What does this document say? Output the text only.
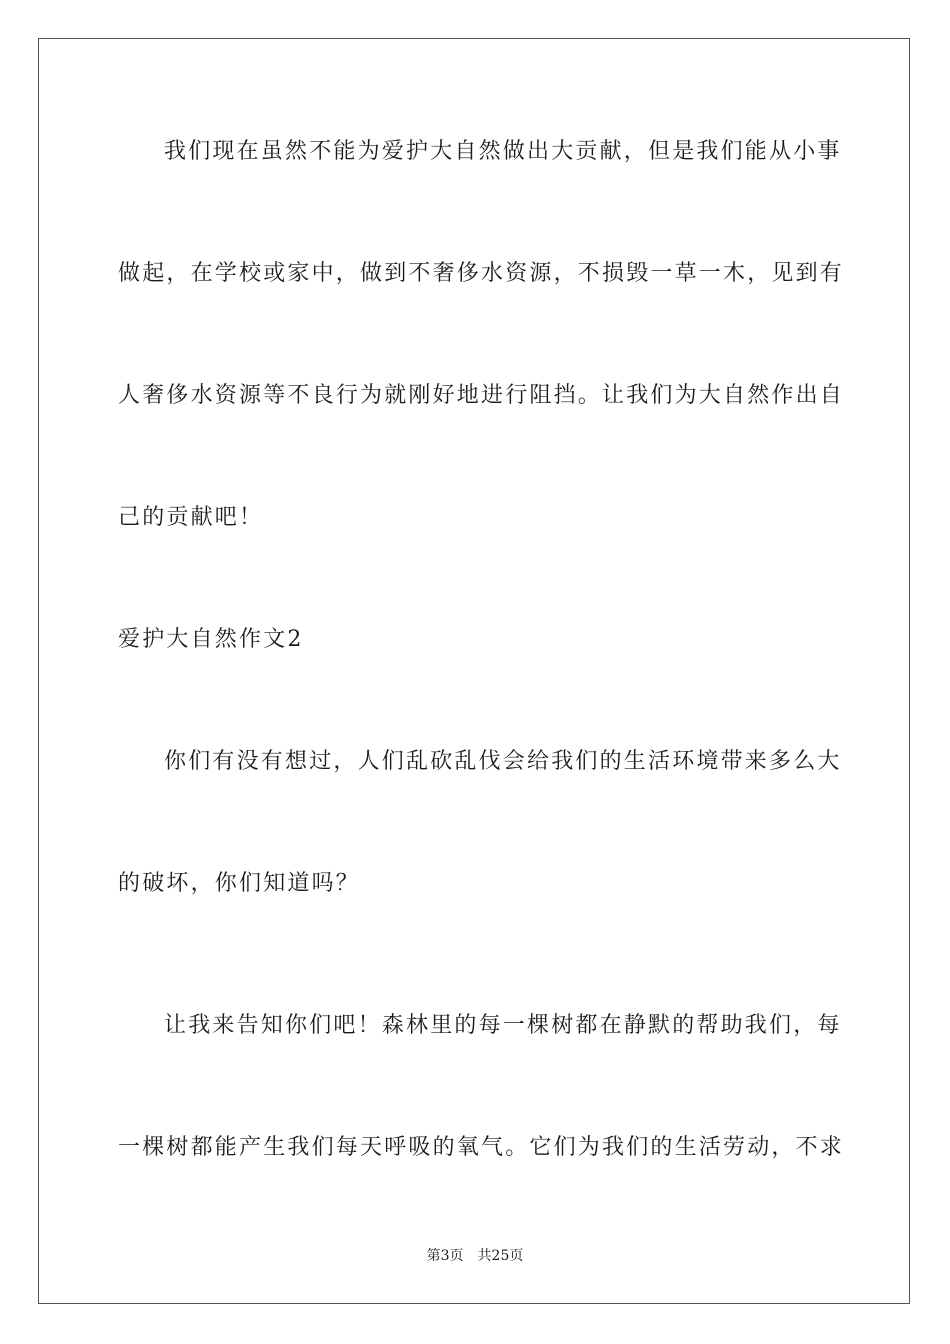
我们现在虽然不能为爱护大自然做出大贡献，但是我们能从小事
做起，在学校或家中，做到不奢侈水资源，不损毁一草一木，见到有
人奢侈水资源等不良行为就刚好地进行阻挡。让我们为大自然作出自
己的贡献吧！
爱护大自然作文2
你们有没有想过，人们乱砍乱伐会给我们的生活环境带来多么大
的破坏，你们知道吗？
让我来告知你们吧！森林里的每一棵树都在静默的帮助我们，每
一棵树都能产生我们每天呼吸的氧气。它们为我们的生活劳动，不求
第3页 共25页
